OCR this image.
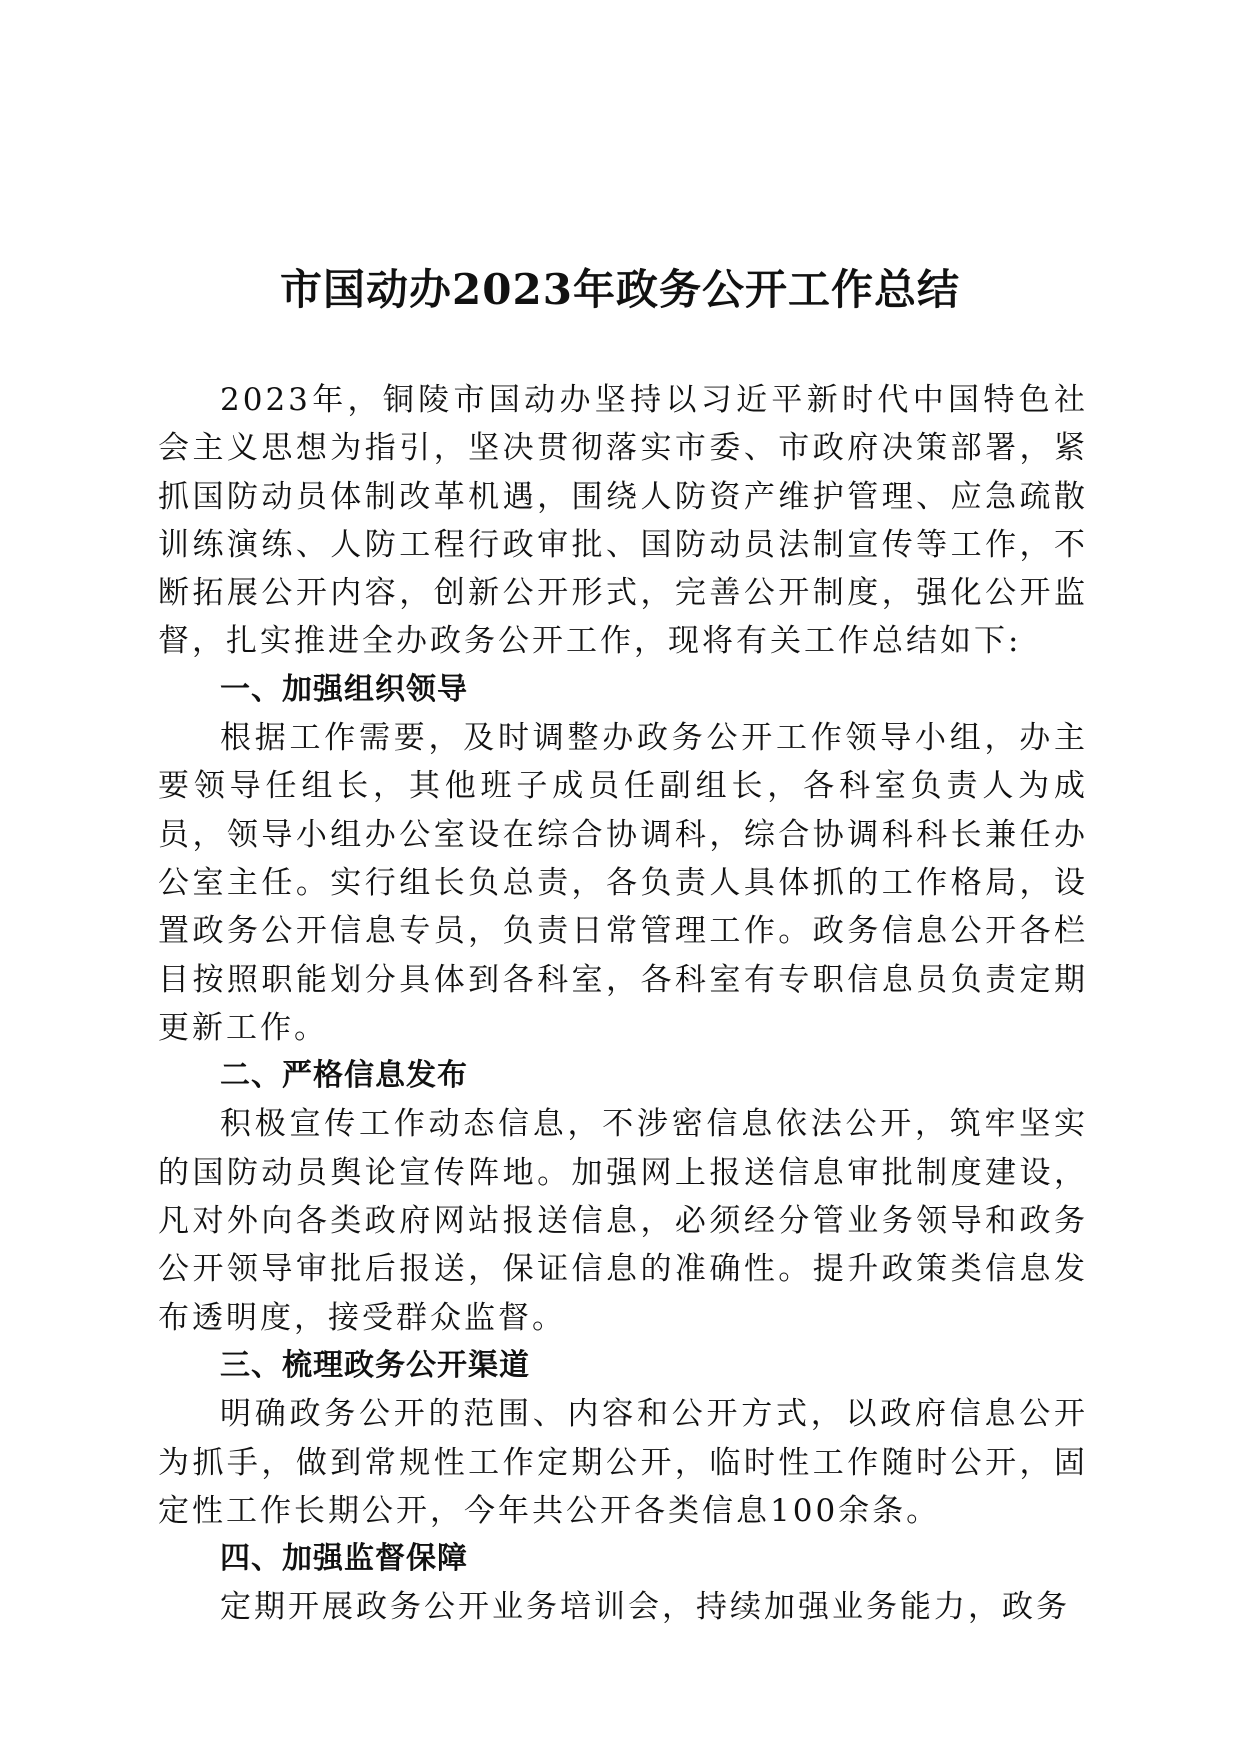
市国动办2023年政务公开工作总结

2023年，铜陵市国动办坚持以习近平新时代中国特色社会主义思想为指引，坚决贯彻落实市委、市政府决策部署，紧抓国防动员体制改革机遇，围绕人防资产维护管理、应急疏散训练演练、人防工程行政审批、国防动员法制宣传等工作，不断拓展公开内容，创新公开形式，完善公开制度，强化公开监督，扎实推进全办政务公开工作，现将有关工作总结如下:

一、加强组织领导

根据工作需要，及时调整办政务公开工作领导小组，办主要领导任组长，其他班子成员任副组长，各科室负责人为成员，领导小组办公室设在综合协调科，综合协调科科长兼任办公室主任。实行组长负总责，各负责人具体抓的工作格局，设置政务公开信息专员，负责日常管理工作。政务信息公开各栏目按照职能划分具体到各科室，各科室有专职信息员负责定期更新工作。

二、严格信息发布

积极宣传工作动态信息，不涉密信息依法公开，筑牢坚实的国防动员舆论宣传阵地。加强网上报送信息审批制度建设，凡对外向各类政府网站报送信息，必须经分管业务领导和政务公开领导审批后报送，保证信息的准确性。提升政策类信息发布透明度，接受群众监督。

三、梳理政务公开渠道

明确政务公开的范围、内容和公开方式，以政府信息公开为抓手，做到常规性工作定期公开，临时性工作随时公开，固定性工作长期公开，今年共公开各类信息100余条。

四、加强监督保障

定期开展政务公开业务培训会，持续加强业务能力，政务
